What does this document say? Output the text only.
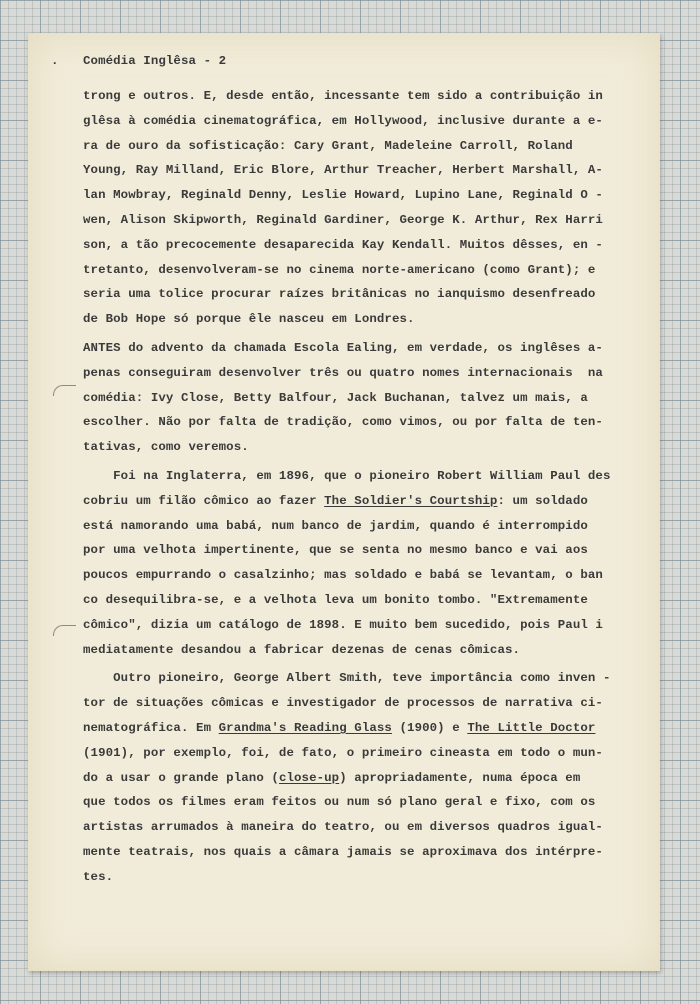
. Comédia Inglêsa - 2
trong e outros. E, desde então, incessante tem sido a contribuição in
glêsa à comédia cinematográfica, em Hollywood, inclusive durante a e-
ra de ouro da sofisticação: Cary Grant, Madeleine Carroll, Roland
Young, Ray Milland, Eric Blore, Arthur Treacher, Herbert Marshall, A-
lan Mowbray, Reginald Denny, Leslie Howard, Lupino Lane, Reginald O -
wen, Alison Skipworth, Reginald Gardiner, George K. Arthur, Rex Harri
son, a tão precocemente desaparecida Kay Kendall. Muitos dêsses, en -
tretanto, desenvolveram-se no cinema norte-americano (como Grant); e
seria uma tolice procurar raízes britânicas no ianquismo desenfreado
de Bob Hope só porque êle nasceu em Londres.
ANTES do advento da chamada Escola Ealing, em verdade, os inglêses a-
penas conseguiram desenvolver três ou quatro nomes internacionais  na
comédia: Ivy Close, Betty Balfour, Jack Buchanan, talvez um mais, a
escolher. Não por falta de tradição, como vimos, ou por falta de ten-
tativas, como veremos.
Foi na Inglaterra, em 1896, que o pioneiro Robert William Paul des
cobriu um filão cômico ao fazer The Soldier's Courtship: um soldado
está namorando uma babá, num banco de jardim, quando é interrompido
por uma velhota impertinente, que se senta no mesmo banco e vai aos
poucos empurrando o casalzinho; mas soldado e babá se levantam, o ban
co desequilibra-se, e a velhota leva um bonito tombo. "Extremamente
cômico", dizia um catálogo de 1898. E muito bem sucedido, pois Paul i
mediatamente desandou a fabricar dezenas de cenas cômicas.
Outro pioneiro, George Albert Smith, teve importância como inven -
tor de situações cômicas e investigador de processos de narrativa ci-
nematográfica. Em Grandma's Reading Glass (1900) e The Little Doctor
(1901), por exemplo, foi, de fato, o primeiro cineasta em todo o mun-
do a usar o grande plano (close-up) apropriadamente, numa época em
que todos os filmes eram feitos ou num só plano geral e fixo, com os
artistas arrumados à maneira do teatro, ou em diversos quadros igual-
mente teatrais, nos quais a câmara jamais se aproximava dos intérpre-
tes.
